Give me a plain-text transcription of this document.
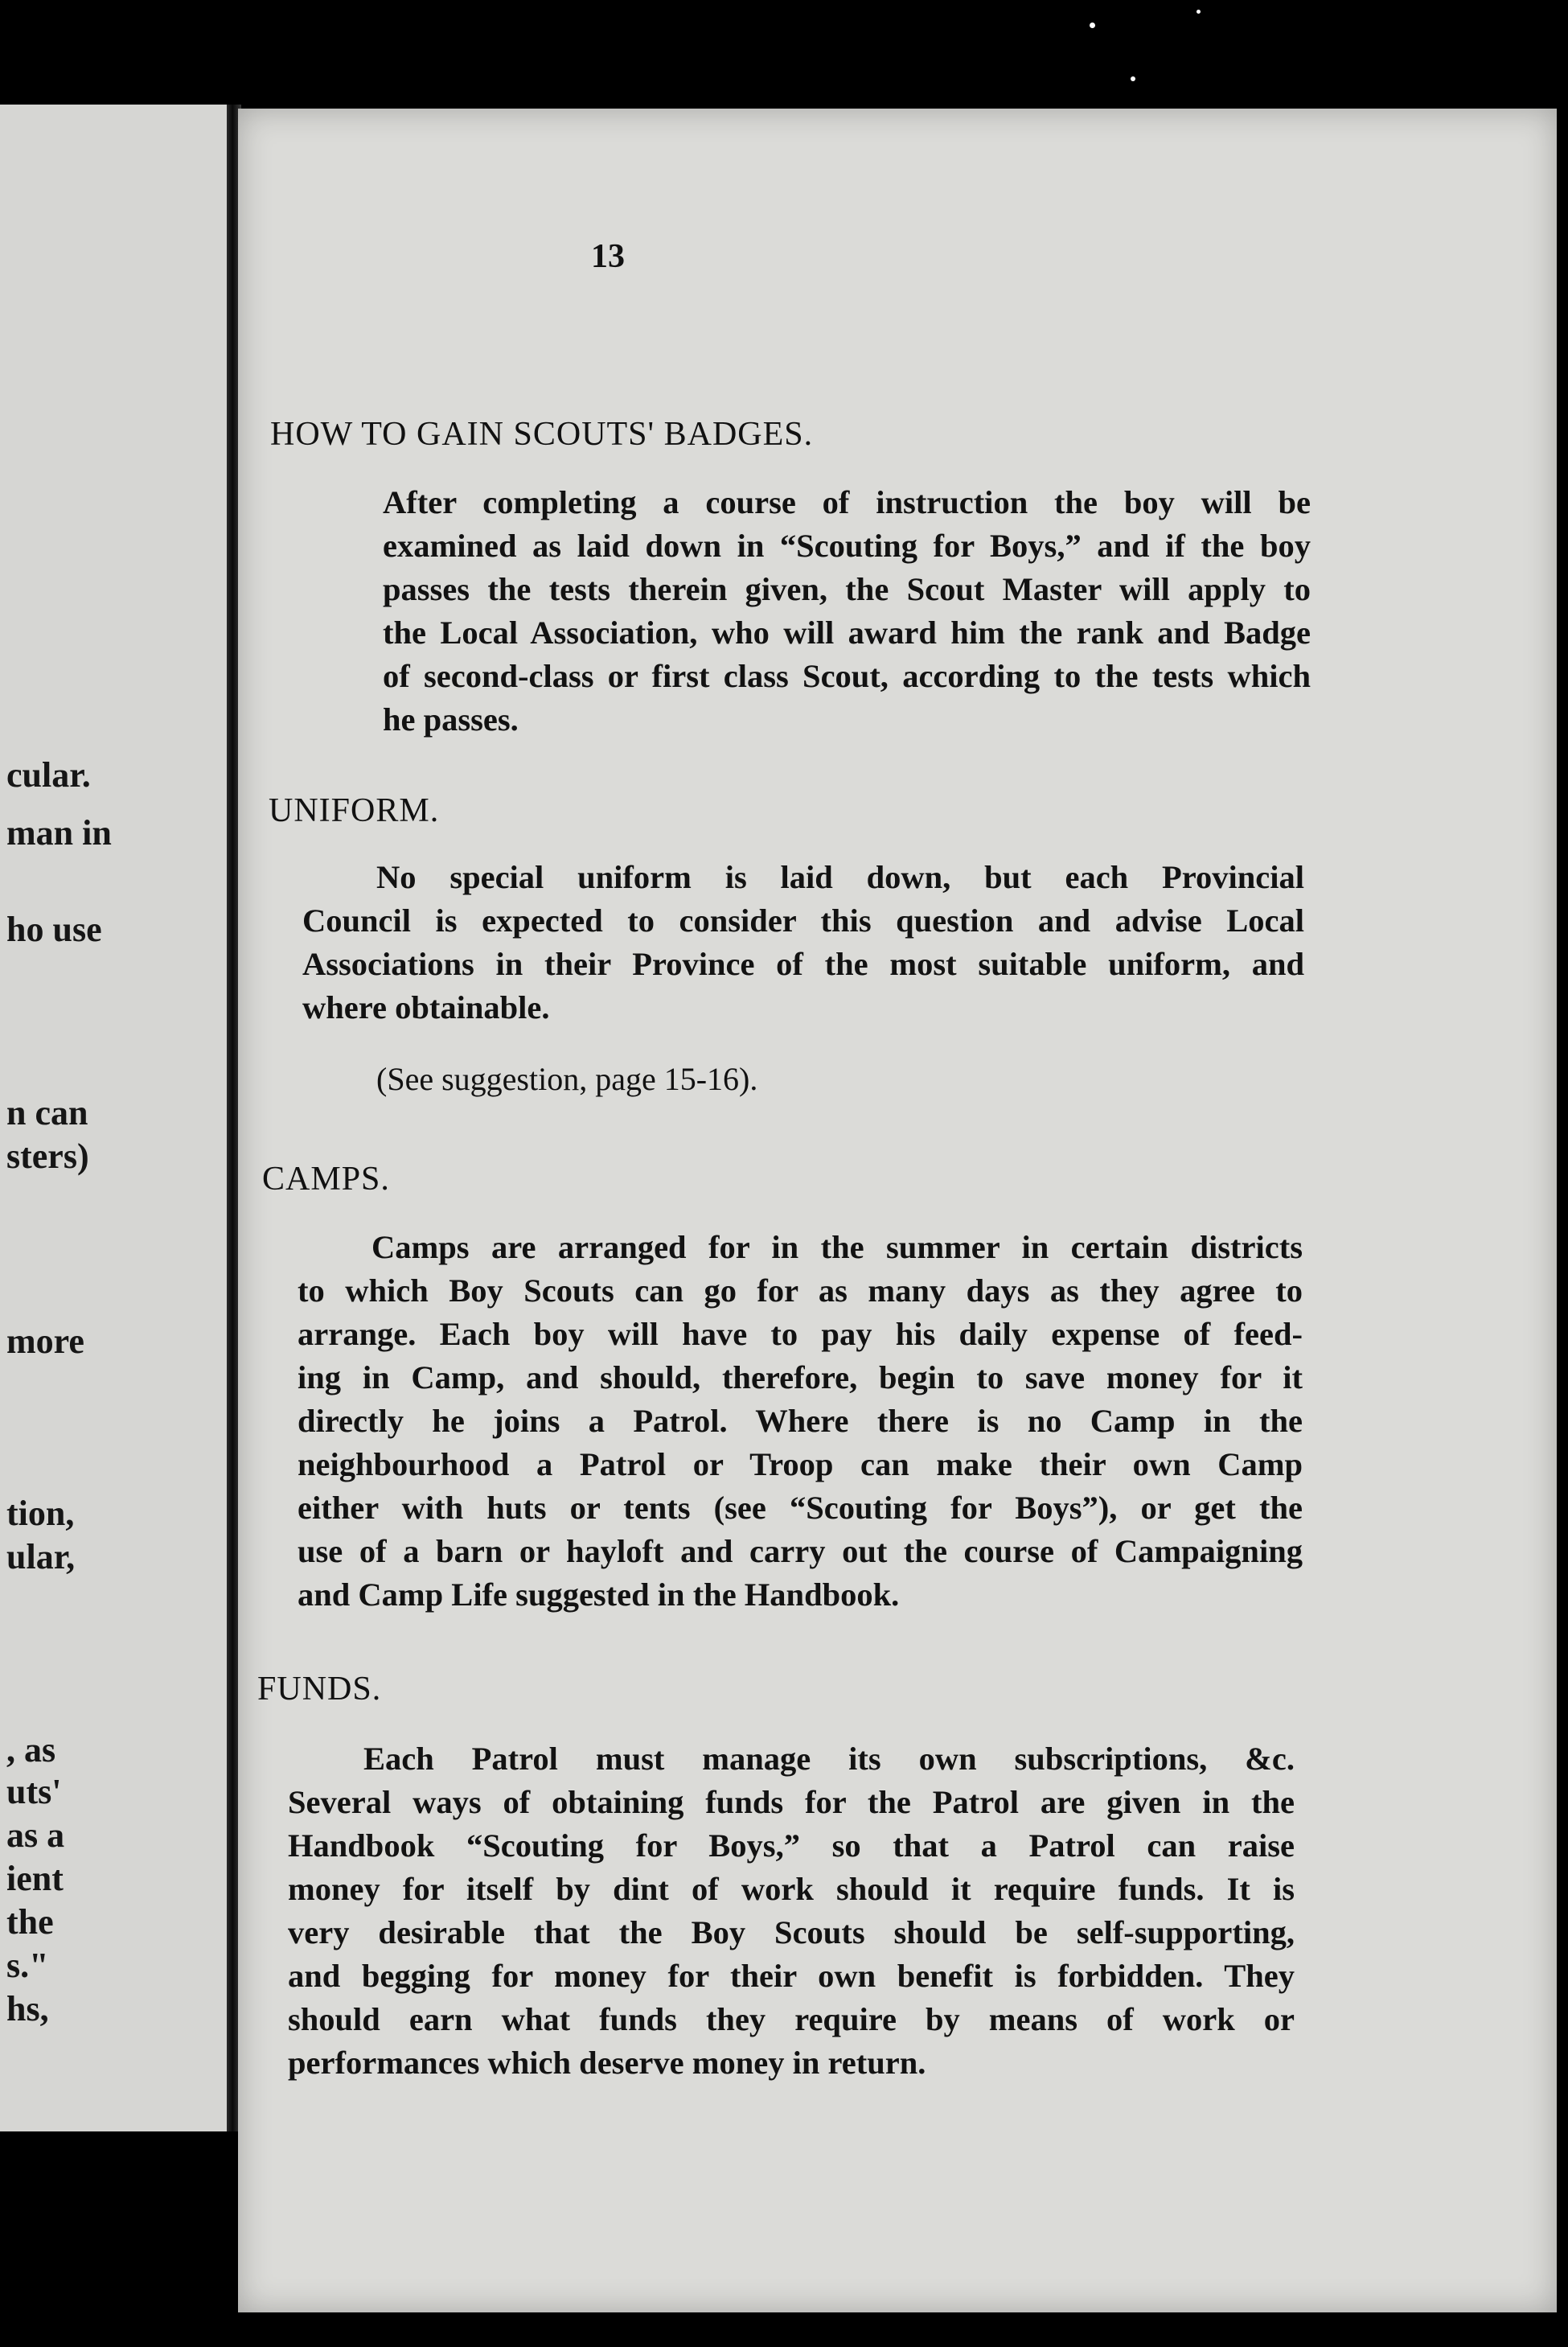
cular.
man in
ho use
n can
sters)
more
tion,
ular,
, as
uts'
as a
ient
the
s."
hs,
13
HOW TO GAIN SCOUTS' BADGES.
After completing a course of instruction the boy will be
examined as laid down in “Scouting for Boys,” and if the boy
passes the tests therein given, the Scout Master will apply to
the Local Association, who will award him the rank and Badge
of second-class or first class Scout, according to the tests which
he passes.
UNIFORM.
No special uniform is laid down, but each Provincial
Council is expected to consider this question and advise Local
Associations in their Province of the most suitable uniform, and
where obtainable.
(See suggestion, page 15-16).
CAMPS.
Camps are arranged for in the summer in certain districts
to which Boy Scouts can go for as many days as they agree to
arrange. Each boy will have to pay his daily expense of feed-
ing in Camp, and should, therefore, begin to save money for it
directly he joins a Patrol. Where there is no Camp in the
neighbourhood a Patrol or Troop can make their own Camp
either with huts or tents (see “Scouting for Boys”), or get the
use of a barn or hayloft and carry out the course of Campaigning
and Camp Life suggested in the Handbook.
FUNDS.
Each Patrol must manage its own subscriptions, &c.
Several ways of obtaining funds for the Patrol are given in the
Handbook “Scouting for Boys,” so that a Patrol can raise
money for itself by dint of work should it require funds. It is
very desirable that the Boy Scouts should be self-supporting,
and begging for money for their own benefit is forbidden. They
should earn what funds they require by means of work or
performances which deserve money in return.
